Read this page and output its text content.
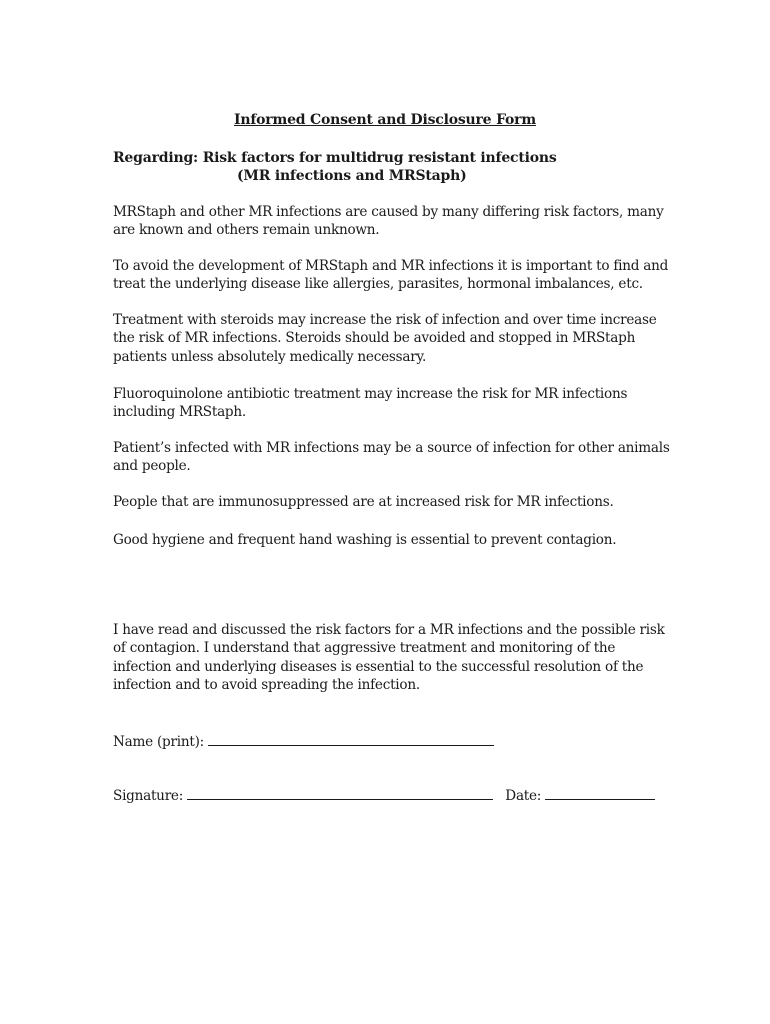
Informed Consent and Disclosure Form
Regarding: Risk factors for multidrug resistant infections
(MR infections and MRStaph)
MRStaph and other MR infections are caused by many differing risk factors, many are known and others remain unknown.
To avoid the development of MRStaph and MR infections it is important to find and treat the underlying disease like allergies, parasites, hormonal imbalances, etc.
Treatment with steroids may increase the risk of infection and over time increase the risk of MR infections. Steroids should be avoided and stopped in MRStaph patients unless absolutely medically necessary.
Fluoroquinolone antibiotic treatment may increase the risk for MR infections including MRStaph.
Patient’s infected with MR infections may be a source of infection for other animals and people.
People that are immunosuppressed are at increased risk for MR infections.
Good hygiene and frequent hand washing is essential to prevent contagion.
I have read and discussed the risk factors for a MR infections and the possible risk of contagion. I understand that aggressive treatment and monitoring of the infection and underlying diseases is essential to the successful resolution of the infection and to avoid spreading the infection.
Name (print):
Signature:	Date:
